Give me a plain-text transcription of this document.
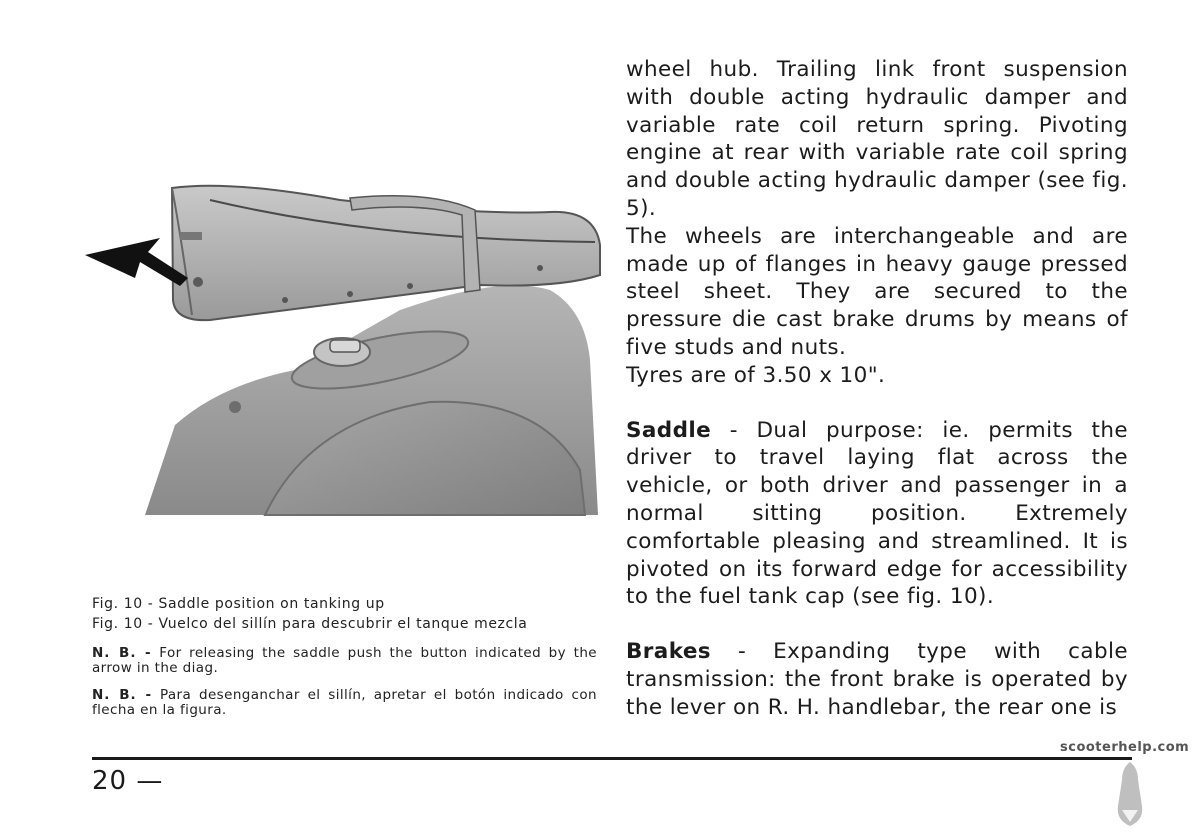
Fig. 10 - Saddle position on tanking up
Fig. 10 - Vuelco del sillín para descubrir el tanque mezcla
N. B. - For releasing the saddle push the button indicated by the arrow in the diag.
N. B. - Para desenganchar el sillín, apretar el botón indicado con flecha en la figura.

wheel hub. Trailing link front suspension with double acting hydraulic damper and variable rate coil return spring. Pivoting engine at rear with variable rate coil spring and double acting hydraulic damper (see fig. 5).

The wheels are interchangeable and are made up of flanges in heavy gauge pressed steel sheet. They are secured to the pressure die cast brake drums by means of five studs and nuts.

Tyres are of 3.50 x 10".

Saddle - Dual purpose: ie. permits the driver to travel laying flat across the vehicle, or both driver and passenger in a normal sitting position. Extremely comfortable pleasing and streamlined. It is pivoted on its forward edge for accessibility to the fuel tank cap (see fig. 10).

Brakes - Expanding type with cable transmission: the front brake is operated by the lever on R. H. handlebar, the rear one is

20 —
scooterhelp.com
